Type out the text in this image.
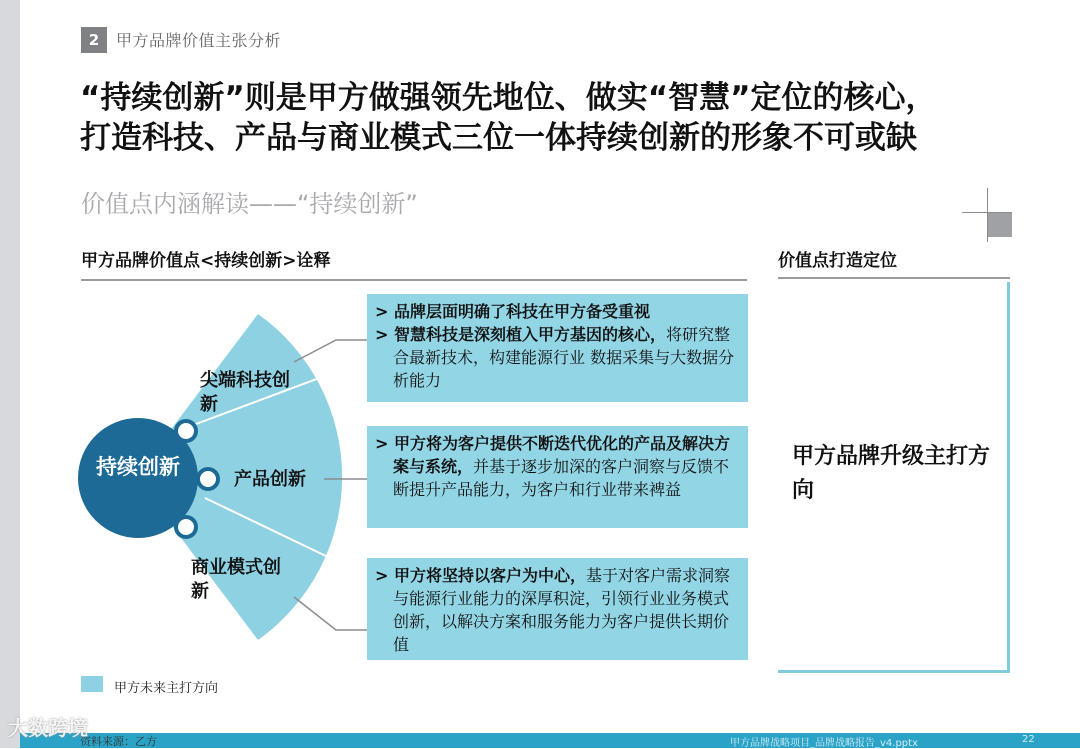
2	甲方品牌价值主张分析
“持续创新”则是甲方做强领先地位、做实“智慧”定位的核心，
打造科技、产品与商业模式三位一体持续创新的形象不可或缺
价值点内涵解读——“持续创新”
甲方品牌价值点<持续创新>诠释	价值点打造定位
甲方品牌升级主打方向
持续创新
尖端科技创新
产品创新
商业模式创新

> 品牌层面明确了科技在甲方备受重视

> 智慧科技是深刻植入甲方基因的核心，将研究整合最新技术，构建能源行业 数据采集与大数据分析能力

> 甲方将为客户提供不断迭代优化的产品及解决方案与系统，并基于逐步加深的客户洞察与反馈不断提升产品能力，为客户和行业带来裨益

> 甲方将坚持以客户为中心，基于对客户需求洞察与能源行业能力的深厚积淀，引领行业业务模式创新，以解决方案和服务能力为客户提供长期价值

甲方未来主打方向
资料来源：乙方
大数跨境
甲方品牌战略项目_品牌战略报告_v4.pptx	22
